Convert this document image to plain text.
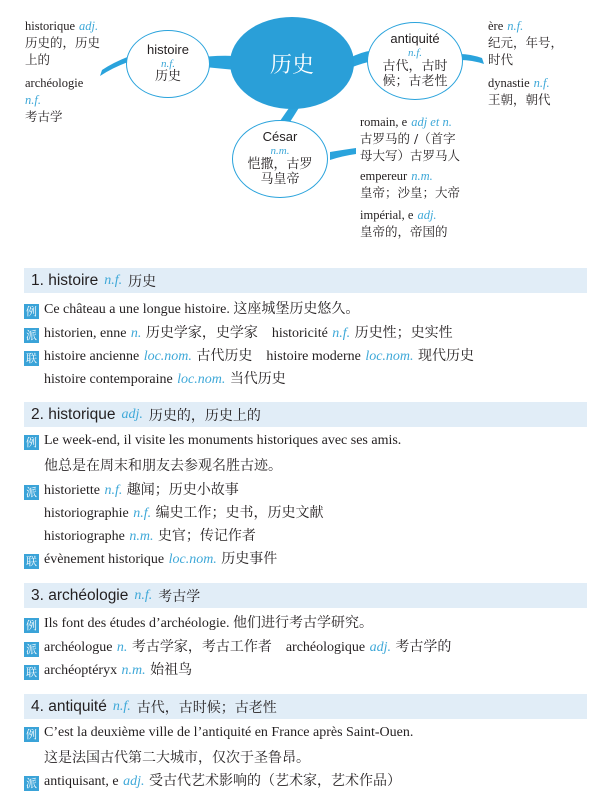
历史
histoire
n.f.
历史
antiquité
n.f.
古代，古时
候；古老性
César
n.m.
恺撒，古罗
马皇帝
historique adj.
历史的，历史
上的
archéologie
n.f.
考古学
ère n.f.
纪元，年号，
时代
dynastie n.f.
王朝，朝代
romain, e adj et n.
古罗马的 /（首字
母大写）古罗马人
empereur n.m.
皇帝；沙皇；大帝
impérial, e adj.
皇帝的，帝国的
1. histoire n.f. 历史
例 Ce château a une longue histoire. 这座城堡历史悠久。
派 historien, enne n. 历史学家，史学家 historicité n.f. 历史性；史实性
联 histoire ancienne loc.nom. 古代历史 histoire moderne loc.nom. 现代历史
histoire contemporaine loc.nom. 当代历史
2. historique adj. 历史的，历史上的
例 Le week-end, il visite les monuments historiques avec ses amis.
他总是在周末和朋友去参观名胜古迹。
派 historiette n.f. 趣闻；历史小故事
historiographie n.f. 编史工作；史书，历史文献
historiographe n.m. 史官；传记作者
联 évènement historique loc.nom. 历史事件
3. archéologie n.f. 考古学
例 Ils font des études d’archéologie. 他们进行考古学研究。
派 archéologue n. 考古学家，考古工作者 archéologique adj. 考古学的
联 archéoptéryx n.m. 始祖鸟
4. antiquité n.f. 古代，古时候；古老性
例 C’est la deuxième ville de l’antiquité en France après Saint-Ouen.
这是法国古代第二大城市，仅次于圣鲁昂。
派 antiquisant, e adj. 受古代艺术影响的（艺术家，艺术作品）
